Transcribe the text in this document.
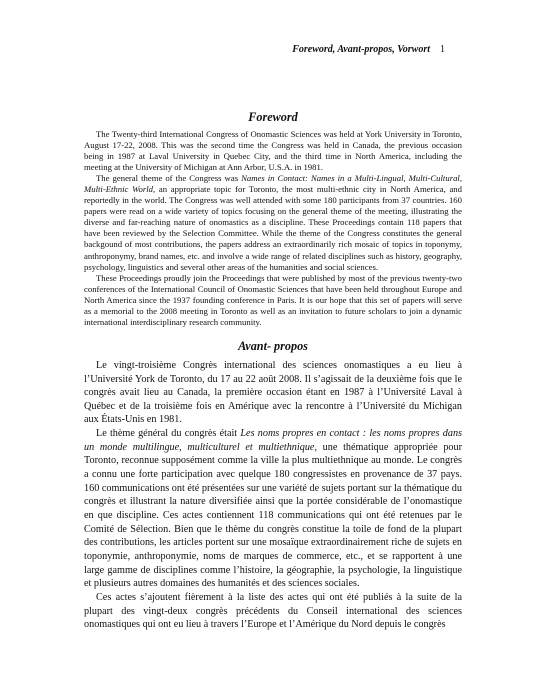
Foreword, Avant-propos, Vorwort 1
Foreword

The Twenty-third International Congress of Onomastic Sciences was held at York University in Toronto, August 17-22, 2008. This was the second time the Congress was held in Canada, the previous occasion being in 1987 at Laval University in Quebec City, and the third time in North America, including the meeting at the University of Michigan at Ann Arbor, U.S.A. in 1981.

The general theme of the Congress was Names in Contact: Names in a Multi-Lingual, Multi-Cultural, Multi-Ethnic World, an appropriate topic for Toronto, the most multi-ethnic city in North America, and reportedly in the world. The Congress was well attended with some 180 participants from 37 countries. 160 papers were read on a wide variety of topics focusing on the general theme of the meeting, illustrating the diverse and far-reaching nature of onomastics as a discipline. These Proceedings contain 118 papers that have been reviewed by the Selection Committee. While the theme of the Congress constitutes the general backgound of most contributions, the papers address an extraordinarily rich mosaic of topics in toponymy, anthroponymy, brand names, etc. and involve a wide range of related disciplines such as history, geography, psychology, linguistics and several other areas of the humanities and social sciences.

These Proceedings proudly join the Proceedings that were published by most of the previous twenty-two conferences of the International Council of Onomastic Sciences that have been held throughout Europe and North America since the 1937 founding conference in Paris. It is our hope that this set of papers will serve as a memorial to the 2008 meeting in Toronto as well as an invitation to future scholars to join a dynamic international interdisciplinary research community.

Avant- propos

Le vingt-troisième Congrès international des sciences onomastiques a eu lieu à l’Université York de Toronto, du 17 au 22 août 2008. Il s’agissait de la deuxième fois que le congrès avait lieu au Canada, la première occasion étant en 1987 à l’Université Laval à Québec et de la troisième fois en Amérique avec la rencontre à l’Université du Michigan aux États-Unis en 1981.

Le thème général du congrès était Les noms propres en contact : les noms propres dans un monde multilingue, multiculturel et multiethnique, une thématique appropriée pour Toronto, reconnue supposément comme la ville la plus multiethnique au monde. Le congrès a connu une forte participation avec quelque 180 congressistes en provenance de 37 pays. 160 communications ont été présentées sur une variété de sujets portant sur la thématique du congrès et illustrant la nature diversifiée ainsi que la portée considérable de l’onomastique en que discipline. Ces actes contiennent 118 communications qui ont été retenues par le Comité de Sélection. Bien que le thème du congrès constitue la toile de fond de la plupart des contributions, les articles portent sur une mosaïque extraordinairement riche de sujets en toponymie, anthroponymie, noms de marques de commerce, etc., et se rapportent à une large gamme de disciplines comme l’histoire, la géographie, la psychologie, la linguistique et plusieurs autres domaines des humanités et des sciences sociales.

Ces actes s’ajoutent fièrement à la liste des actes qui ont été publiés à la suite de la plupart des vingt-deux congrès précédents du Conseil international des sciences onomastiques qui ont eu lieu à travers l’Europe et l’Amérique du Nord depuis le congrès
